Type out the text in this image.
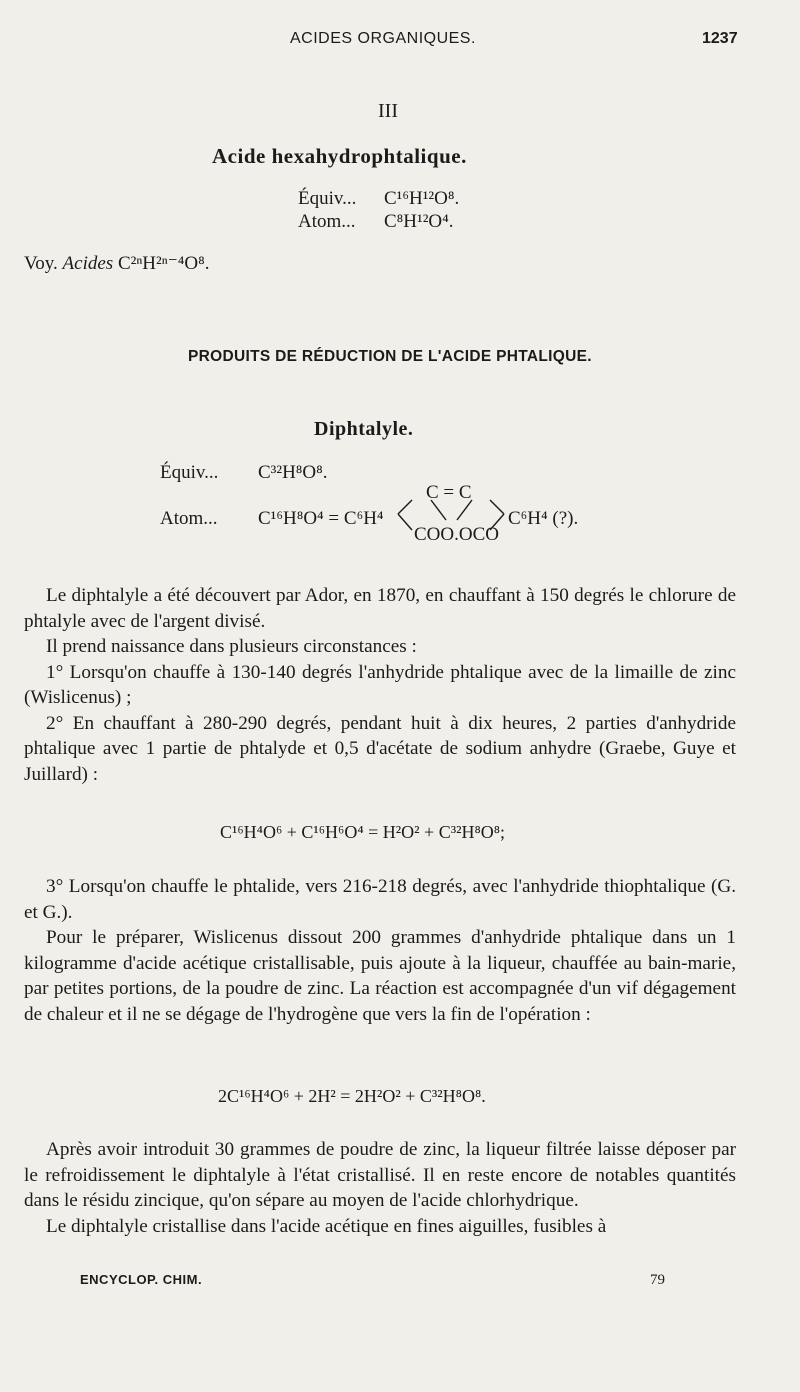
ACIDES ORGANIQUES.	1237
III
Acide hexahydrophtalique.
Équiv... C¹⁶H¹²O⁸.
Atom... C⁸H¹²O⁴.
Voy. Acides C²ⁿH²ⁿ⁻⁴O⁸.
PRODUITS DE RÉDUCTION DE L'ACIDE PHTALIQUE.
Diphtalyle.
Équiv... C³²H⁸O⁸.
Atom... C¹⁶H⁸O⁴ = C⁶H⁴
C = C
COO.OCO
C⁶H⁴ (?).

Le diphtalyle a été découvert par Ador, en 1870, en chauffant à 150 degrés le chlorure de phtalyle avec de l'argent divisé.

Il prend naissance dans plusieurs circonstances :

1° Lorsqu'on chauffe à 130-140 degrés l'anhydride phtalique avec de la limaille de zinc (Wislicenus) ;

2° En chauffant à 280-290 degrés, pendant huit à dix heures, 2 parties d'anhydride phtalique avec 1 partie de phtalyde et 0,5 d'acétate de sodium anhydre (Graebe, Guye et Juillard) :

C¹⁶H⁴O⁶ + C¹⁶H⁶O⁴ = H²O² + C³²H⁸O⁸;

3° Lorsqu'on chauffe le phtalide, vers 216-218 degrés, avec l'anhydride thiophtalique (G. et G.).

Pour le préparer, Wislicenus dissout 200 grammes d'anhydride phtalique dans un 1 kilogramme d'acide acétique cristallisable, puis ajoute à la liqueur, chauffée au bain-marie, par petites portions, de la poudre de zinc. La réaction est accompagnée d'un vif dégagement de chaleur et il ne se dégage de l'hydrogène que vers la fin de l'opération :

2C¹⁶H⁴O⁶ + 2H² = 2H²O² + C³²H⁸O⁸.

Après avoir introduit 30 grammes de poudre de zinc, la liqueur filtrée laisse déposer par le refroidissement le diphtalyle à l'état cristallisé. Il en reste encore de notables quantités dans le résidu zincique, qu'on sépare au moyen de l'acide chlorhydrique.

Le diphtalyle cristallise dans l'acide acétique en fines aiguilles, fusibles à

ENCYCLOP. CHIM.	79
